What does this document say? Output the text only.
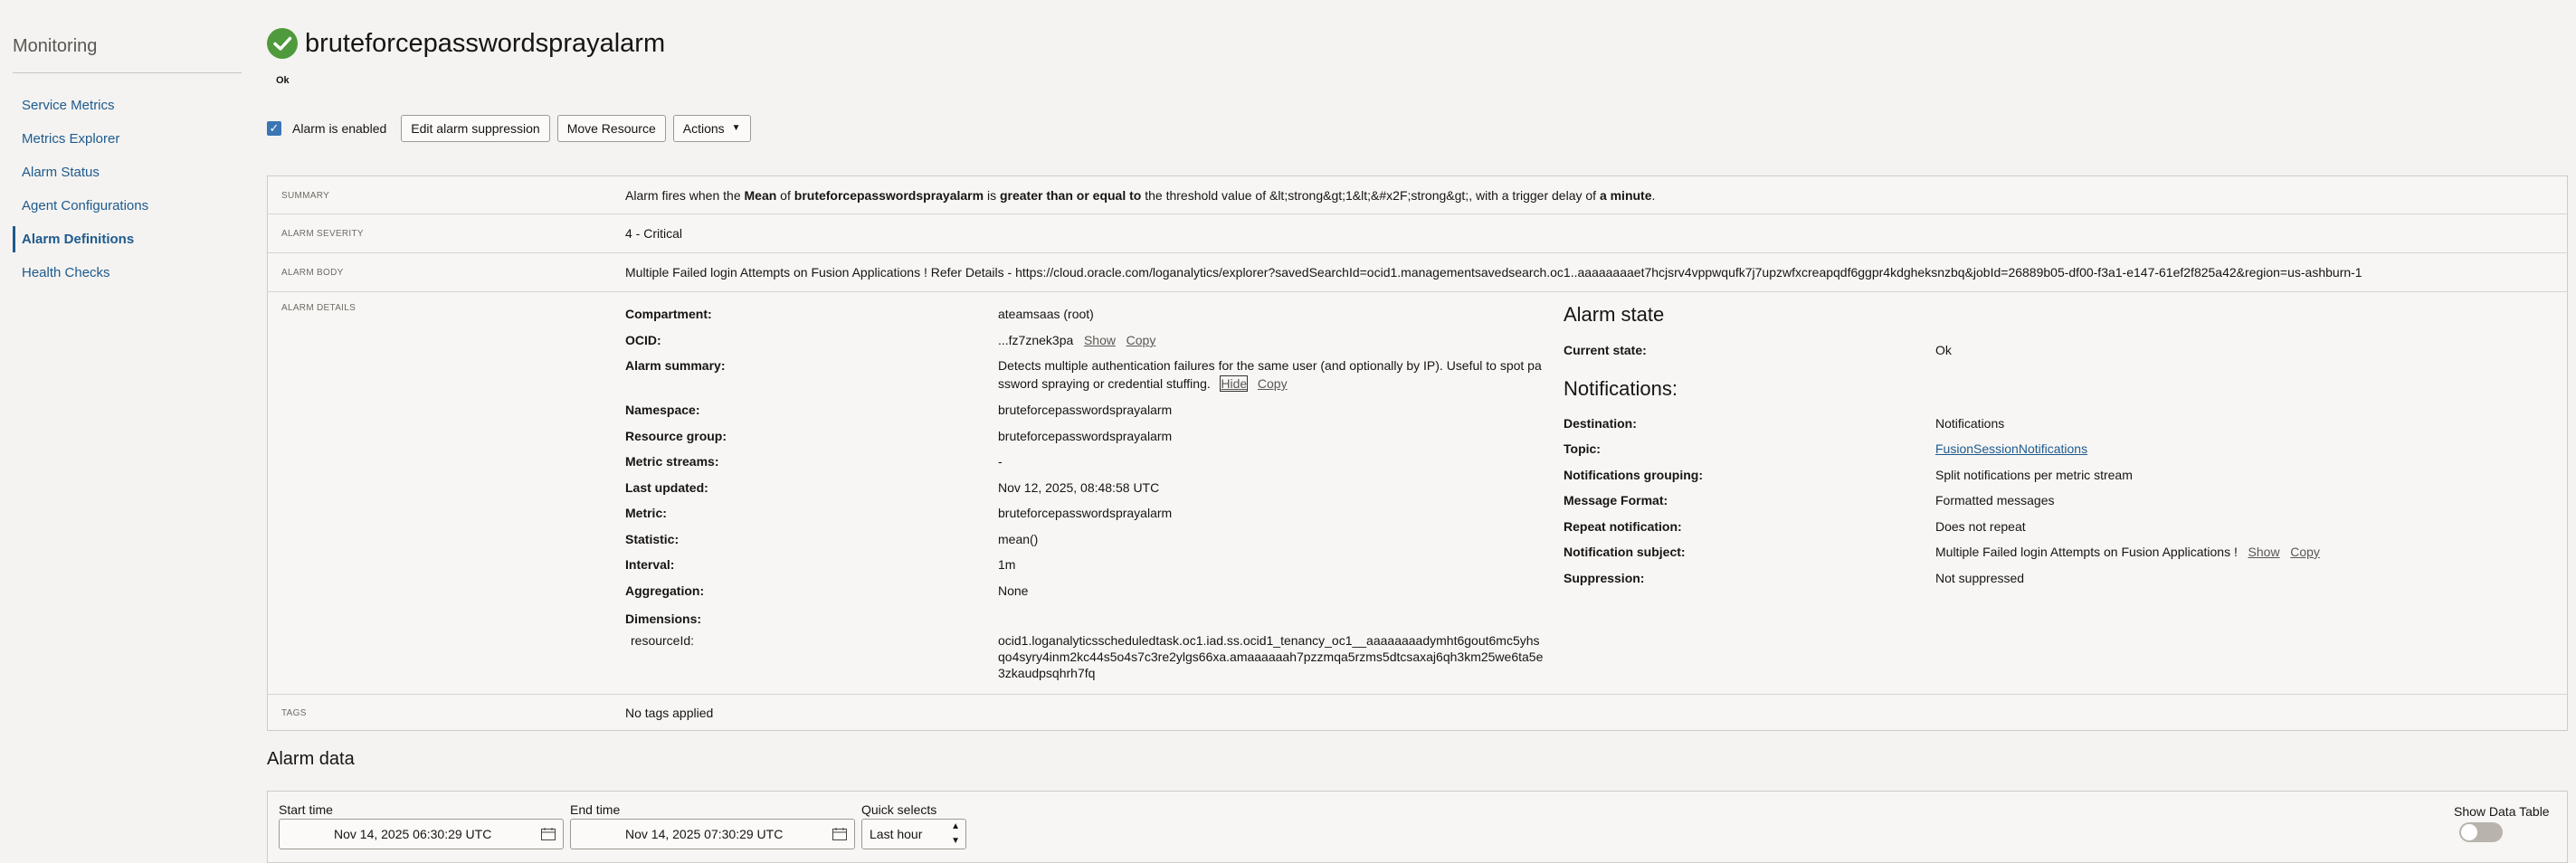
Monitoring
Service Metrics
Metrics Explorer
Alarm Status
Agent Configurations
Alarm Definitions
Health Checks
bruteforcepasswordsprayalarm
Ok
✓ Alarm is enabled	Edit alarm suppression	Move Resource	Actions ▼
SUMMARY	Alarm fires when the Mean of bruteforcepasswordsprayalarm is greater than or equal to the threshold value of &lt;strong&gt;1&lt;&#x2F;strong&gt;, with a trigger delay of a minute.
ALARM SEVERITY	4 - Critical
ALARM BODY	Multiple Failed login Attempts on Fusion Applications ! Refer Details - https://cloud.oracle.com/loganalytics/explorer?savedSearchId=ocid1.managementsavedsearch.oc1..aaaaaaaaet7hcjsrv4vppwqufk7j7upzwfxcreapqdf6ggpr4kdgheksnzbq&jobId=26889b05-df00-f3a1-e147-61ef2f825a42&region=us-ashburn-1
ALARM DETAILS	Compartment:	ateamsaas (root)
OCID:	...fz7znek3pa Show Copy
Alarm summary:	Detects multiple authentication failures for the same user (and optionally by IP). Useful to spot pa
ssword spraying or credential stuffing. Hide Copy
Namespace:	bruteforcepasswordsprayalarm
Resource group:	bruteforcepasswordsprayalarm
Metric streams:	-
Last updated:	Nov 12, 2025, 08:48:58 UTC
Metric:	bruteforcepasswordsprayalarm
Statistic:	mean()
Interval:	1m
Aggregation:	None
Dimensions:
resourceId:	ocid1.loganalyticsscheduledtask.oc1.iad.ss.ocid1_tenancy_oc1__aaaaaaaadymht6gout6mc5yhs
qo4syry4inm2kc44s5o4s7c3re2ylgs66xa.amaaaaaah7pzzmqa5rzms5dtcsaxaj6qh3km25we6ta5e
3zkaudpsqhrh7fq
Alarm state
Current state:	Ok
Notifications:
Destination:	Notifications
Topic:	FusionSessionNotifications
Notifications grouping:	Split notifications per metric stream
Message Format:	Formatted messages
Repeat notification:	Does not repeat
Notification subject:	Multiple Failed login Attempts on Fusion Applications ! Show Copy
Suppression:	Not suppressed
TAGS	No tags applied
Alarm data
Start time
Nov 14, 2025 06:30:29 UTC
End time
Nov 14, 2025 07:30:29 UTC
Quick selects
Last hour
▲
▼
Show Data Table
